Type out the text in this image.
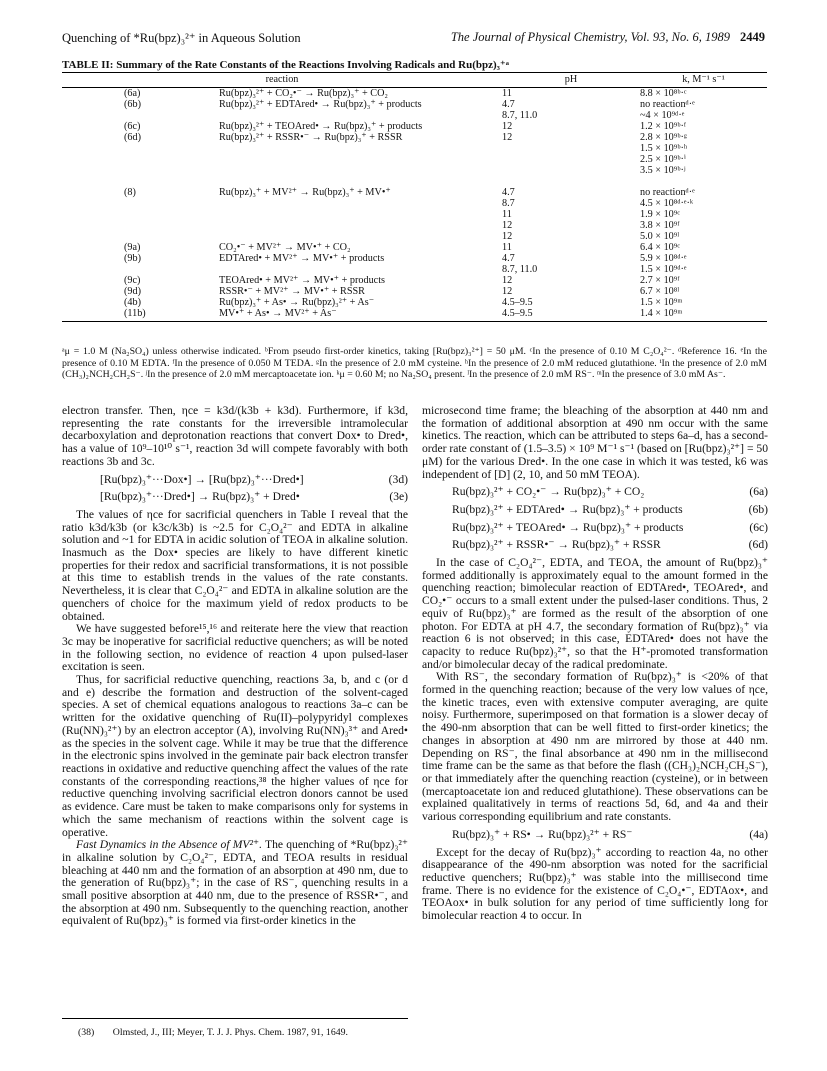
Quenching of *Ru(bpz)₃²⁺ in Aqueous Solution	The Journal of Physical Chemistry, Vol. 93, No. 6, 1989 2449
TABLE II: Summary of the Rate Constants of the Reactions Involving Radicals and Ru(bpz)₃⁺ᵃ
reaction		pH	k, M⁻¹ s⁻¹
(6a)	Ru(bpz)₃²⁺ + CO₂•⁻ → Ru(bpz)₃⁺ + CO₂	11	8.8 × 10⁸ᵇ·ᶜ
(6b)	Ru(bpz)₃²⁺ + EDTAred• → Ru(bpz)₃⁺ + products	4.7	no reactionᵈ·ᵉ
		8.7, 11.0	~4 × 10⁹ᵈ·ᵉ
(6c)	Ru(bpz)₃²⁺ + TEOAred• → Ru(bpz)₃⁺ + products	12	1.2 × 10⁹ᵇ·ᶠ
(6d)	Ru(bpz)₃²⁺ + RSSR•⁻ → Ru(bpz)₃⁺ + RSSR	12	2.8 × 10⁹ᵇ·ᵍ
			1.5 × 10⁹ᵇ·ʰ
			2.5 × 10⁹ᵇ·ⁱ
			3.5 × 10⁹ᵇ·ʲ

(8)	Ru(bpz)₃⁺ + MV²⁺ → Ru(bpz)₃⁺ + MV•⁺	4.7	no reactionᵈ·ᵉ
		8.7	4.5 × 10⁸ᵈ·ᵉ·ᵏ
		11	1.9 × 10⁹ᶜ
		12	3.8 × 10⁹ᶠ
		12	5.0 × 10⁹ˡ
(9a)	CO₂•⁻ + MV²⁺ → MV•⁺ + CO₂	11	6.4 × 10⁹ᶜ
(9b)	EDTAred• + MV²⁺ → MV•⁺ + products	4.7	5.9 × 10⁸ᵈ·ᵉ
		8.7, 11.0	1.5 × 10⁹ᵈ·ᵉ
(9c)	TEOAred• + MV²⁺ → MV•⁺ + products	12	2.7 × 10⁹ᶠ
(9d)	RSSR•⁻ + MV²⁺ → MV•⁺ + RSSR	12	6.7 × 10⁸ˡ
(4b)	Ru(bpz)₃⁺ + As• → Ru(bpz)₃²⁺ + As⁻	4.5–9.5	1.5 × 10⁹ᵐ
(11b)	MV•⁺ + As• → MV²⁺ + As⁻	4.5–9.5	1.4 × 10⁹ᵐ
ᵃμ = 1.0 M (Na₂SO₄) unless otherwise indicated. ᵇFrom pseudo first-order kinetics, taking [Ru(bpz)₃²⁺] = 50 μM. ᶜIn the presence of 0.10 M C₂O₄²⁻. ᵈReference 16. ᵉIn the presence of 0.10 M EDTA. ᶠIn the presence of 0.050 M TEDA. ᵍIn the presence of 2.0 mM cysteine. ʰIn the presence of 2.0 mM reduced glutathione. ⁱIn the presence of 2.0 mM (CH₃)₂NCH₂CH₂S⁻. ʲIn the presence of 2.0 mM mercaptoacetate ion. ᵏμ = 0.60 M; no Na₂SO₄ present. ˡIn the presence of 2.0 mM RS⁻. ᵐIn the presence of 3.0 mM As⁻.

electron transfer. Then, ηce = k3d/(k3b + k3d). Furthermore, if k3d, representing the rate constants for the irreversible intramolecular decarboxylation and deprotonation reactions that convert Dox• to Dred•, has a value of 10⁹–10¹⁰ s⁻¹, reaction 3d will compete favorably with both reactions 3b and 3c.

[Ru(bpz)₃⁺···Dox•] → [Ru(bpz)₃⁺···Dred•]	(3d)
[Ru(bpz)₃⁺···Dred•] → Ru(bpz)₃⁺ + Dred•	(3e)

The values of ηce for sacrificial quenchers in Table I reveal that the ratio k3d/k3b (or k3c/k3b) is ~2.5 for C₂O₄²⁻ and EDTA in alkaline solution and ~1 for EDTA in acidic solution of TEOA in alkaline solution. Inasmuch as the Dox• species are likely to have different kinetic properties for their redox and sacrificial transformations, it is not possible at this time to establish trends in the values of the rate constants. Nevertheless, it is clear that C₂O₄²⁻ and EDTA in alkaline solution are the quenchers of choice for the maximum yield of redox products to be obtained.

We have suggested before¹⁵,¹⁶ and reiterate here the view that reaction 3c may be inoperative for sacrificial reductive quenchers; as will be noted in the following section, no evidence of reaction 4 upon pulsed-laser excitation is seen.

Thus, for sacrificial reductive quenching, reactions 3a, b, and c (or d and e) describe the formation and destruction of the solvent-caged species. A set of chemical equations analogous to reactions 3a–c can be written for the oxidative quenching of Ru(II)–polypyridyl complexes (Ru(NN)₃²⁺) by an electron acceptor (A), involving Ru(NN)₃³⁺ and Ared• as the species in the solvent cage. While it may be true that the difference in the electronic spins involved in the geminate pair back electron transfer reactions in oxidative and reductive quenching affect the values of the rate constants of the corresponding reactions,³⁸ the higher values of ηce for reductive quenching involving sacrificial electron donors cannot be used as evidence. Care must be taken to make comparisons only for systems in which the same mechanism of reactions within the solvent cage is operative.

Fast Dynamics in the Absence of MV²⁺. The quenching of *Ru(bpz)₃²⁺ in alkaline solution by C₂O₄²⁻, EDTA, and TEOA results in residual bleaching at 440 nm and the formation of an absorption at 490 nm, due to the generation of Ru(bpz)₃⁺; in the case of RS⁻, quenching results in a small positive absorption at 440 nm, due to the presence of RSSR•⁻, and the absorption at 490 nm. Subsequently to the quenching reaction, another equivalent of Ru(bpz)₃⁺ is formed via first-order kinetics in the

microsecond time frame; the bleaching of the absorption at 440 nm and the formation of additional absorption at 490 nm occur with the same kinetics. The reaction, which can be attributed to steps 6a–d, has a second-order rate constant of (1.5–3.5) × 10⁹ M⁻¹ s⁻¹ (based on [Ru(bpz)₃²⁺] = 50 μM) for the various Dred•. In the one case in which it was tested, k6 was independent of [D] (2, 10, and 50 mM TEOA).

Ru(bpz)₃²⁺ + CO₂•⁻ → Ru(bpz)₃⁺ + CO₂	(6a)
Ru(bpz)₃²⁺ + EDTAred• → Ru(bpz)₃⁺ + products	(6b)
Ru(bpz)₃²⁺ + TEOAred• → Ru(bpz)₃⁺ + products	(6c)
Ru(bpz)₃²⁺ + RSSR•⁻ → Ru(bpz)₃⁺ + RSSR	(6d)

In the case of C₂O₄²⁻, EDTA, and TEOA, the amount of Ru(bpz)₃⁺ formed additionally is approximately equal to the amount formed in the quenching reaction; bimolecular reaction of EDTAred•, TEOAred•, and CO₂•⁻ occurs to a small extent under the pulsed-laser conditions. Thus, 2 equiv of Ru(bpz)₃⁺ are formed as the result of the absorption of one photon. For EDTA at pH 4.7, the secondary formation of Ru(bpz)₃⁺ via reaction 6 is not observed; in this case, EDTAred• does not have the capacity to reduce Ru(bpz)₃²⁺, so that the H⁺-promoted transformation and/or bimolecular decay of the radical predominate.

With RS⁻, the secondary formation of Ru(bpz)₃⁺ is <20% of that formed in the quenching reaction; because of the very low values of ηce, the kinetic traces, even with extensive computer averaging, are quite noisy. Furthermore, superimposed on that formation is a slower decay of the 490-nm absorption that can be well fitted to first-order kinetics; the changes in absorption at 490 nm are mirrored by those at 440 nm. Depending on RS⁻, the final absorbance at 490 nm in the millisecond time frame can be the same as that before the flash ((CH₃)₂NCH₂CH₂S⁻), or that immediately after the quenching reaction (cysteine), or in between (mercaptoacetate ion and reduced glutathione). These observations can be explained qualitatively in terms of reactions 5d, 6d, and 4a and their various corresponding equilibrium and rate constants.

Ru(bpz)₃⁺ + RS• → Ru(bpz)₃²⁺ + RS⁻	(4a)

Except for the decay of Ru(bpz)₃⁺ according to reaction 4a, no other disappearance of the 490-nm absorption was noted for the sacrificial reductive quenchers; Ru(bpz)₃⁺ was stable into the millisecond time frame. There is no evidence for the existence of C₂O₄•⁻, EDTAox•, and TEOAox• in bulk solution for any period of time sufficiently long for bimolecular reaction 4 to occur. In

(38) Olmsted, J., III; Meyer, T. J. J. Phys. Chem. 1987, 91, 1649.
